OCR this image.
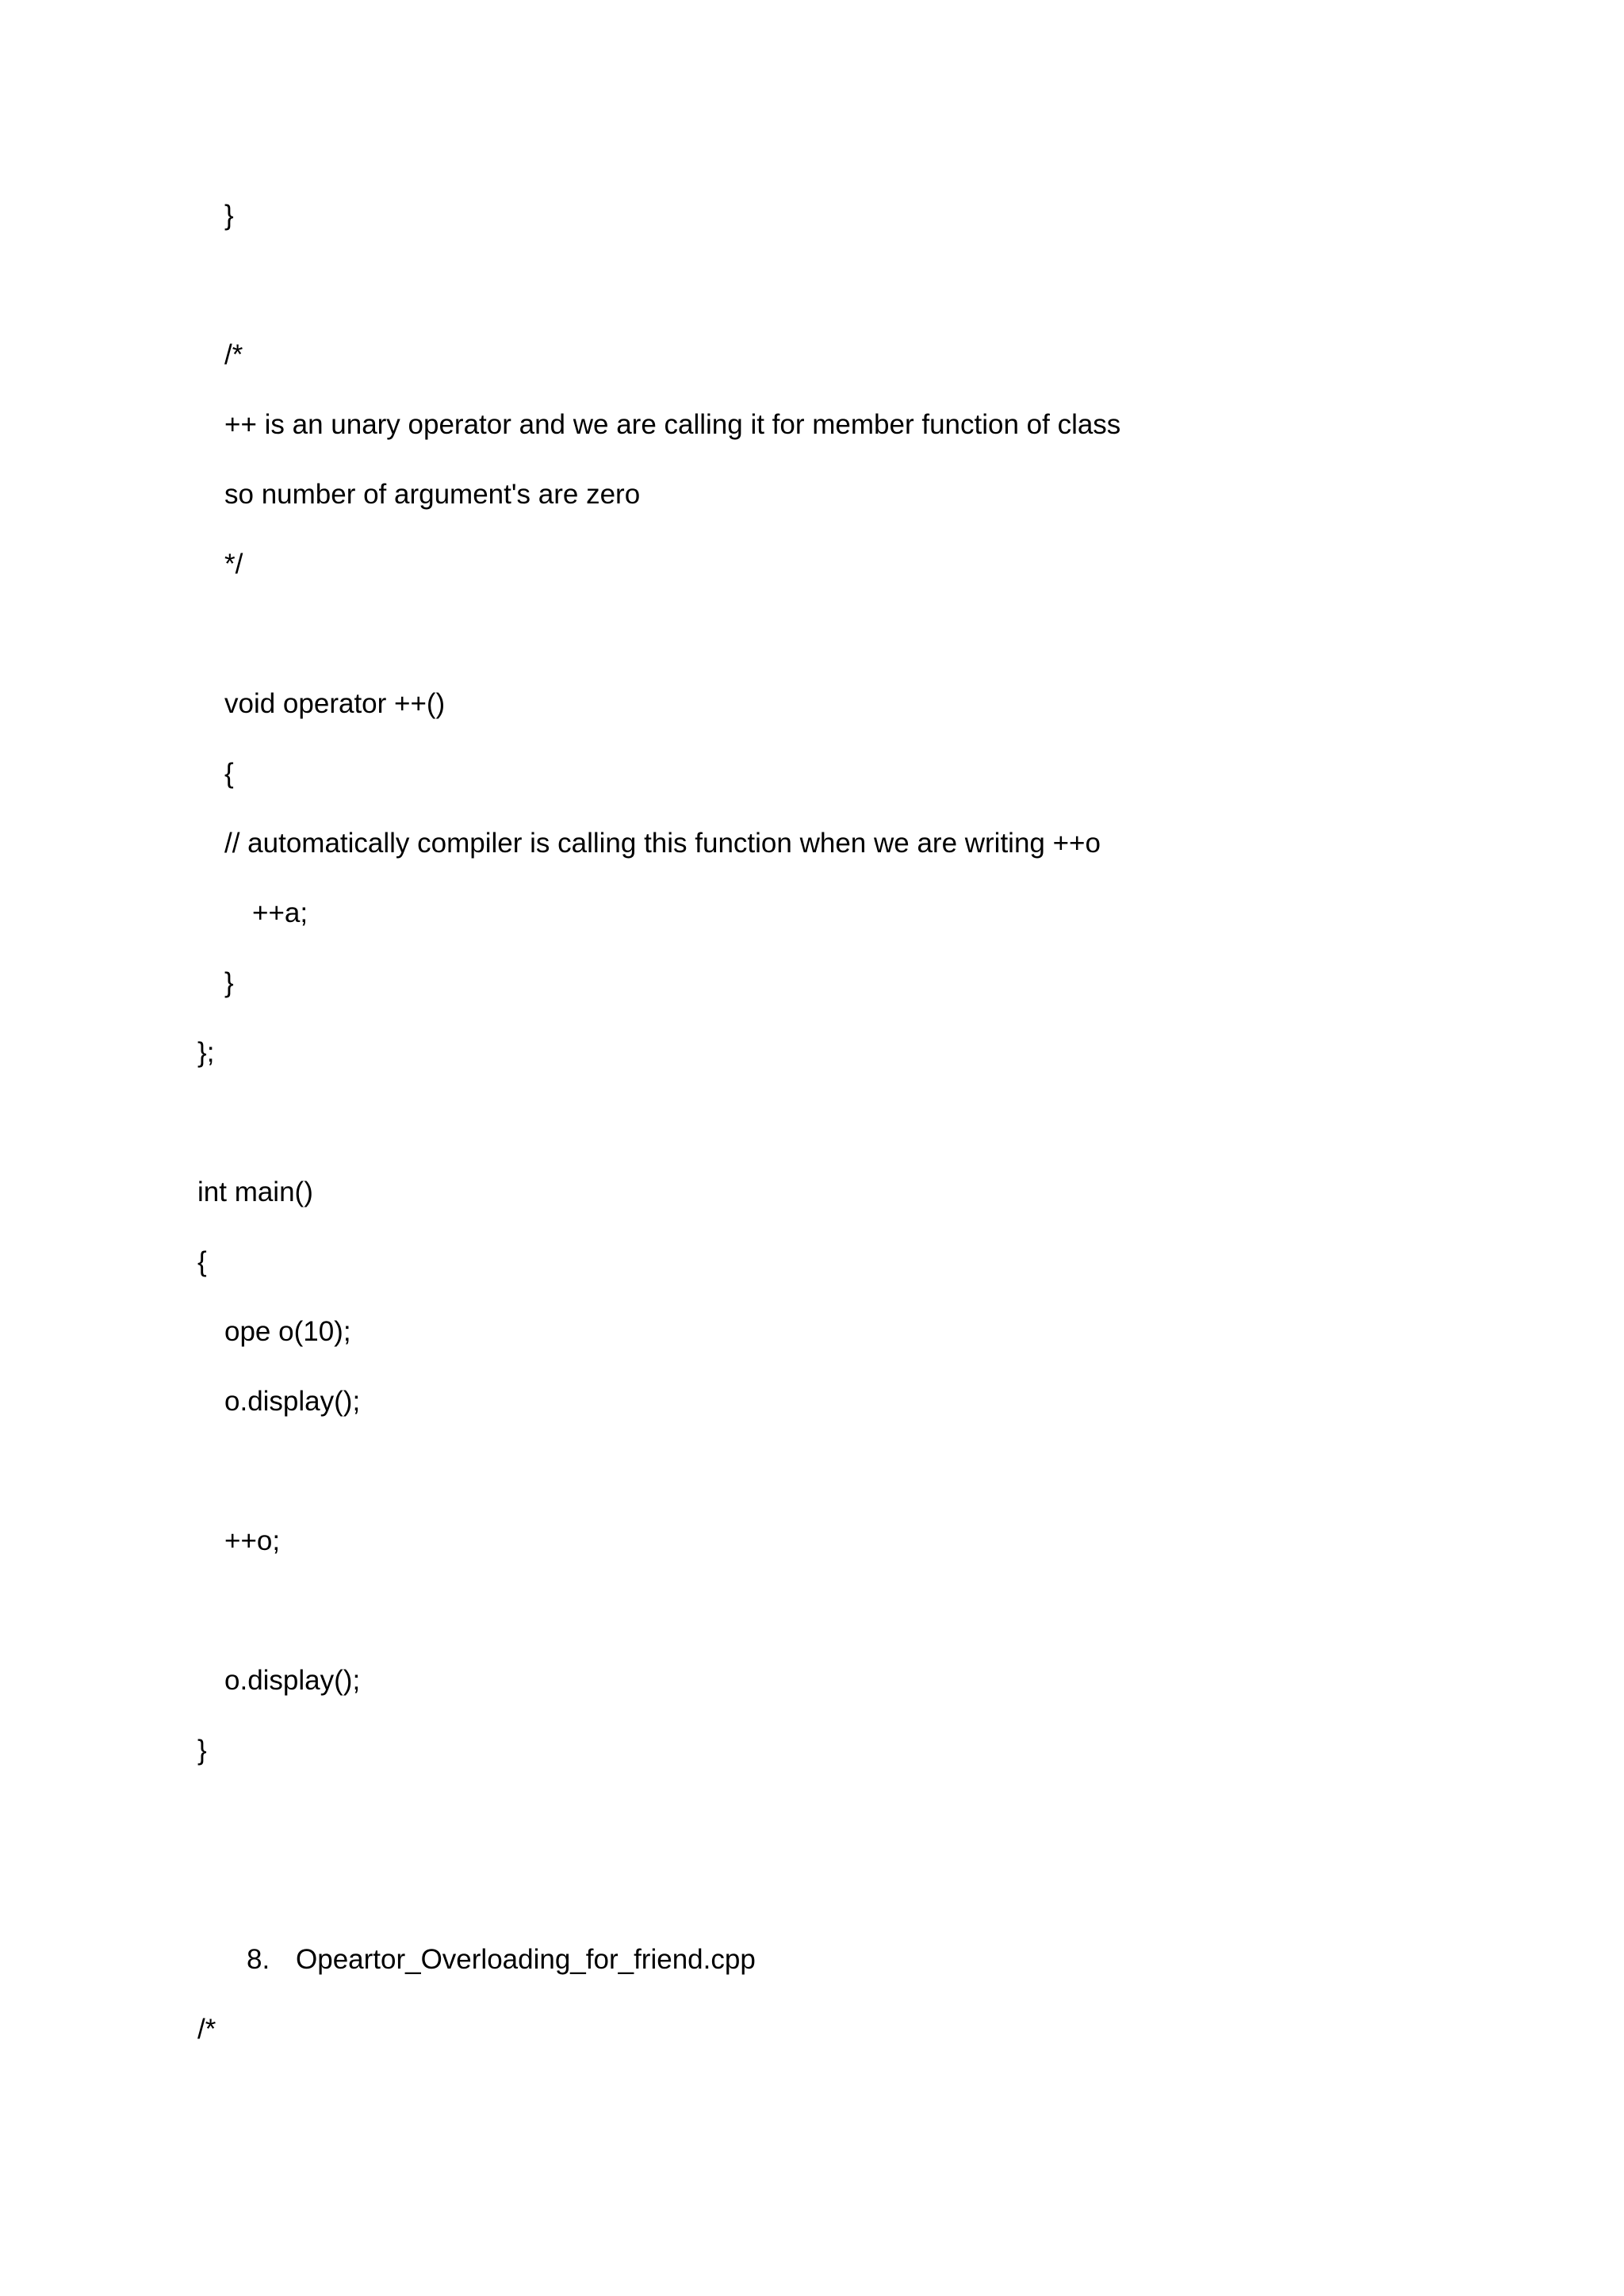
}
/*
++ is an unary operator and we are calling it for member function of class
so number of argument's are zero
*/
void operator ++()
{
// automatically compiler is calling this function when we are writing ++o
++a;
}
};
int main()
{
ope o(10);
o.display();
++o;
o.display();
}
8. Opeartor_Overloading_for_friend.cpp
/*
